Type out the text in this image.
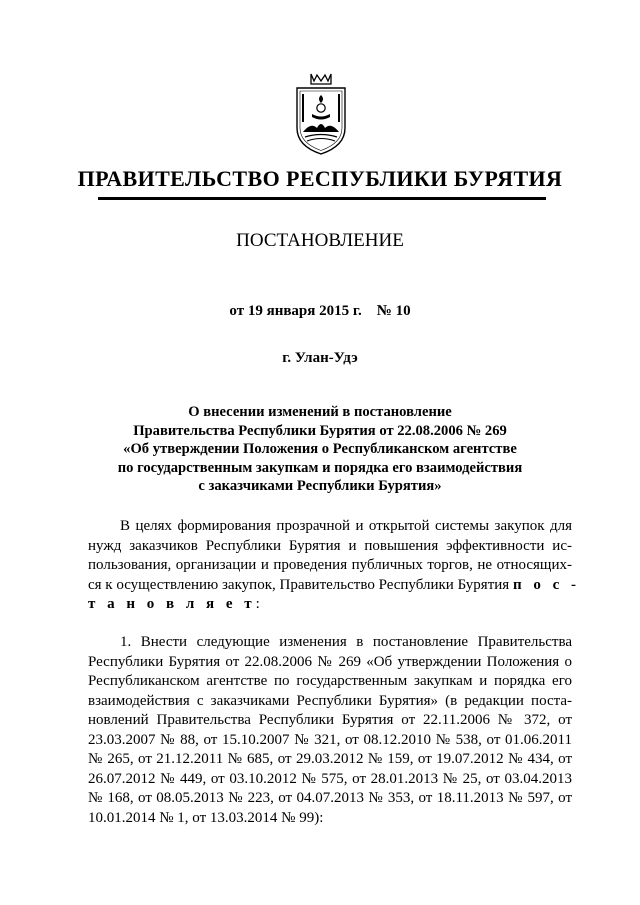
ПРАВИТЕЛЬСТВО РЕСПУБЛИКИ БУРЯТИЯ
ПОСТАНОВЛЕНИЕ
от 19 января 2015 г.    № 10
г. Улан-Удэ
О внесении изменений в постановление
Правительства Республики Бурятия от 22.08.2006 № 269
«Об утверждении Положения о Республиканском агентстве
по государственным закупкам и порядка его взаимодействия
с заказчиками Республики Бурятия»
В целях формирования прозрачной и открытой системы закупок для
нужд заказчиков Республики Бурятия и повышения эффективности ис-
пользования, организации и проведения публичных торгов, не относящих-
ся к осуществлению закупок, Правительство Республики Бурятия п о с -
т а н о в л я е т:
1. Внести следующие изменения в постановление Правительства
Республики Бурятия от 22.08.2006 № 269 «Об утверждении Положения о
Республиканском агентстве по государственным закупкам и порядка его
взаимодействия с заказчиками Республики Бурятия» (в редакции поста-
новлений Правительства Республики Бурятия от 22.11.2006 № 372, от
23.03.2007 № 88, от 15.10.2007 № 321, от 08.12.2010 № 538, от 01.06.2011
№ 265, от 21.12.2011 № 685, от 29.03.2012 № 159, от 19.07.2012 № 434, от
26.07.2012 № 449, от 03.10.2012 № 575, от 28.01.2013 № 25, от 03.04.2013
№ 168, от 08.05.2013 № 223, от 04.07.2013 № 353, от 18.11.2013 № 597, от
10.01.2014 № 1, от 13.03.2014 № 99):
